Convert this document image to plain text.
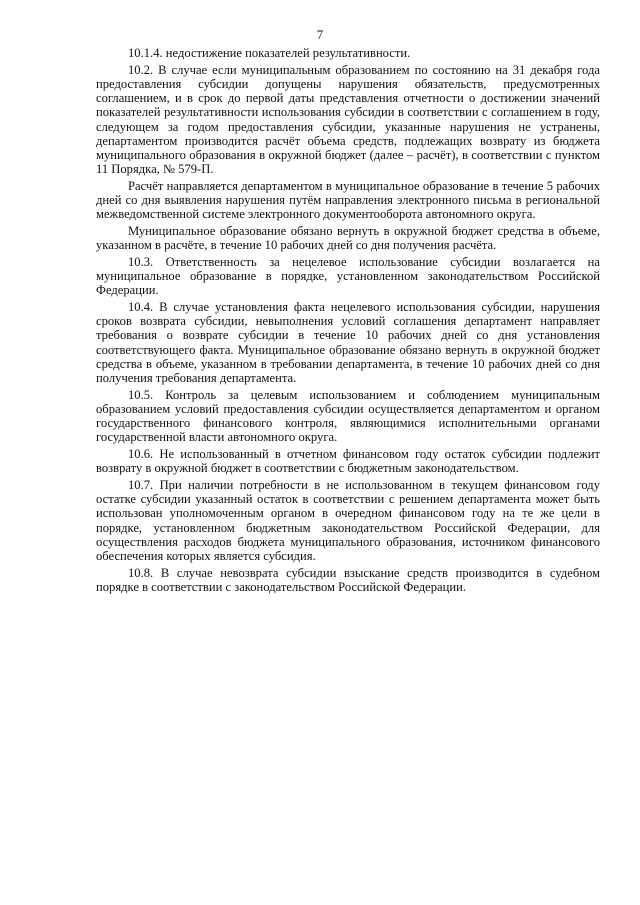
7

10.1.4. недостижение показателей результативности.

10.2. В случае если муниципальным образованием по состоянию на 31 декабря года предоставления субсидии допущены нарушения обязательств, предусмотренных соглашением, и в срок до первой даты представления отчетности о достижении значений показателей результативности использования субсидии в соответствии с соглашением в году, следующем за годом предоставления субсидии, указанные нарушения не устранены, департаментом производится расчёт объема средств, подлежащих возврату из бюджета муниципального образования в окружной бюджет (далее – расчёт), в соответствии с пунктом 11 Порядка, № 579-П.

Расчёт направляется департаментом в муниципальное образование в течение 5 рабочих дней со дня выявления нарушения путём направления электронного письма в региональной межведомственной системе электронного документооборота автономного округа.

Муниципальное образование обязано вернуть в окружной бюджет средства в объеме, указанном в расчёте, в течение 10 рабочих дней со дня получения расчёта.

10.3. Ответственность за нецелевое использование субсидии возлагается на муниципальное образование в порядке, установленном законодательством Российской Федерации.

10.4. В случае установления факта нецелевого использования субсидии, нарушения сроков возврата субсидии, невыполнения условий соглашения департамент направляет требования о возврате субсидии в течение 10 рабочих дней со дня установления соответствующего факта. Муниципальное образование обязано вернуть в окружной бюджет средства в объеме, указанном в требовании департамента, в течение 10 рабочих дней со дня получения требования департамента.

10.5. Контроль за целевым использованием и соблюдением муниципальным образованием условий предоставления субсидии осуществляется департаментом и органом государственного финансового контроля, являющимися исполнительными органами государственной власти автономного округа.

10.6. Не использованный в отчетном финансовом году остаток субсидии подлежит возврату в окружной бюджет в соответствии с бюджетным законодательством.

10.7. При наличии потребности в не использованном в текущем финансовом году остатке субсидии указанный остаток в соответствии с решением департамента может быть использован уполномоченным органом в очередном финансовом году на те же цели в порядке, установленном бюджетным законодательством Российской Федерации, для осуществления расходов бюджета муниципального образования, источником финансового обеспечения которых является субсидия.

10.8. В случае невозврата субсидии взыскание средств производится в судебном порядке в соответствии с законодательством Российской Федерации.
